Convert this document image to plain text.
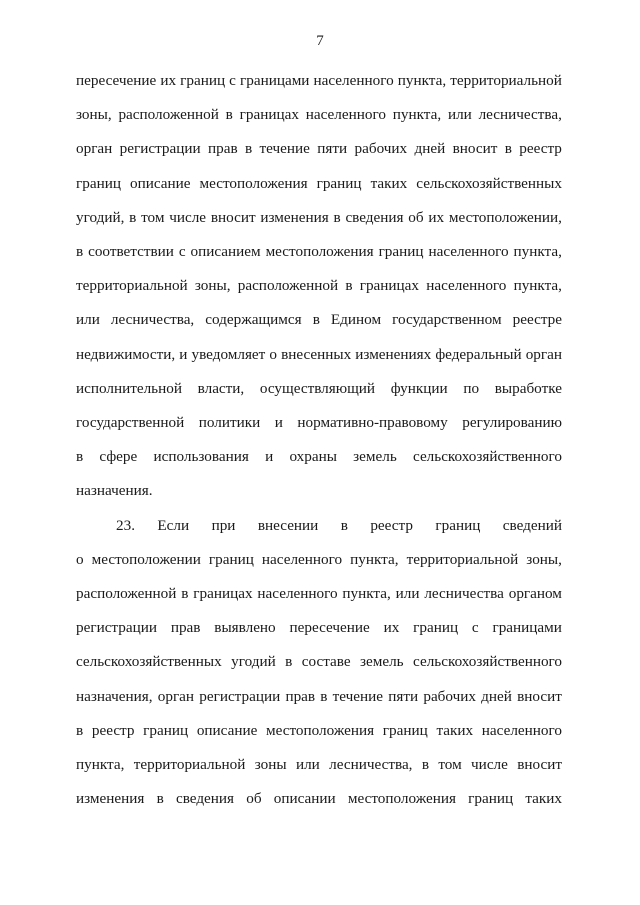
7
пересечение их границ с границами населенного пункта, территориальной
зоны, расположенной в границах населенного пункта, или лесничества,
орган регистрации прав в течение пяти рабочих дней вносит в реестр
границ описание местоположения границ таких сельскохозяйственных
угодий, в том числе вносит изменения в сведения об их местоположении,
в соответствии с описанием местоположения границ населенного пункта,
территориальной зоны, расположенной в границах населенного пункта,
или лесничества, содержащимся в Едином государственном реестре
недвижимости, и уведомляет о внесенных изменениях федеральный орган
исполнительной власти, осуществляющий функции по выработке
государственной политики и нормативно-правовому регулированию
в сфере использования и охраны земель сельскохозяйственного
назначения.
23. Если при внесении в реестр границ сведений
о местоположении границ населенного пункта, территориальной зоны,
расположенной в границах населенного пункта, или лесничества органом
регистрации прав выявлено пересечение их границ с границами
сельскохозяйственных угодий в составе земель сельскохозяйственного
назначения, орган регистрации прав в течение пяти рабочих дней вносит
в реестр границ описание местоположения границ таких населенного
пункта, территориальной зоны или лесничества, в том числе вносит
изменения в сведения об описании местоположения границ таких
